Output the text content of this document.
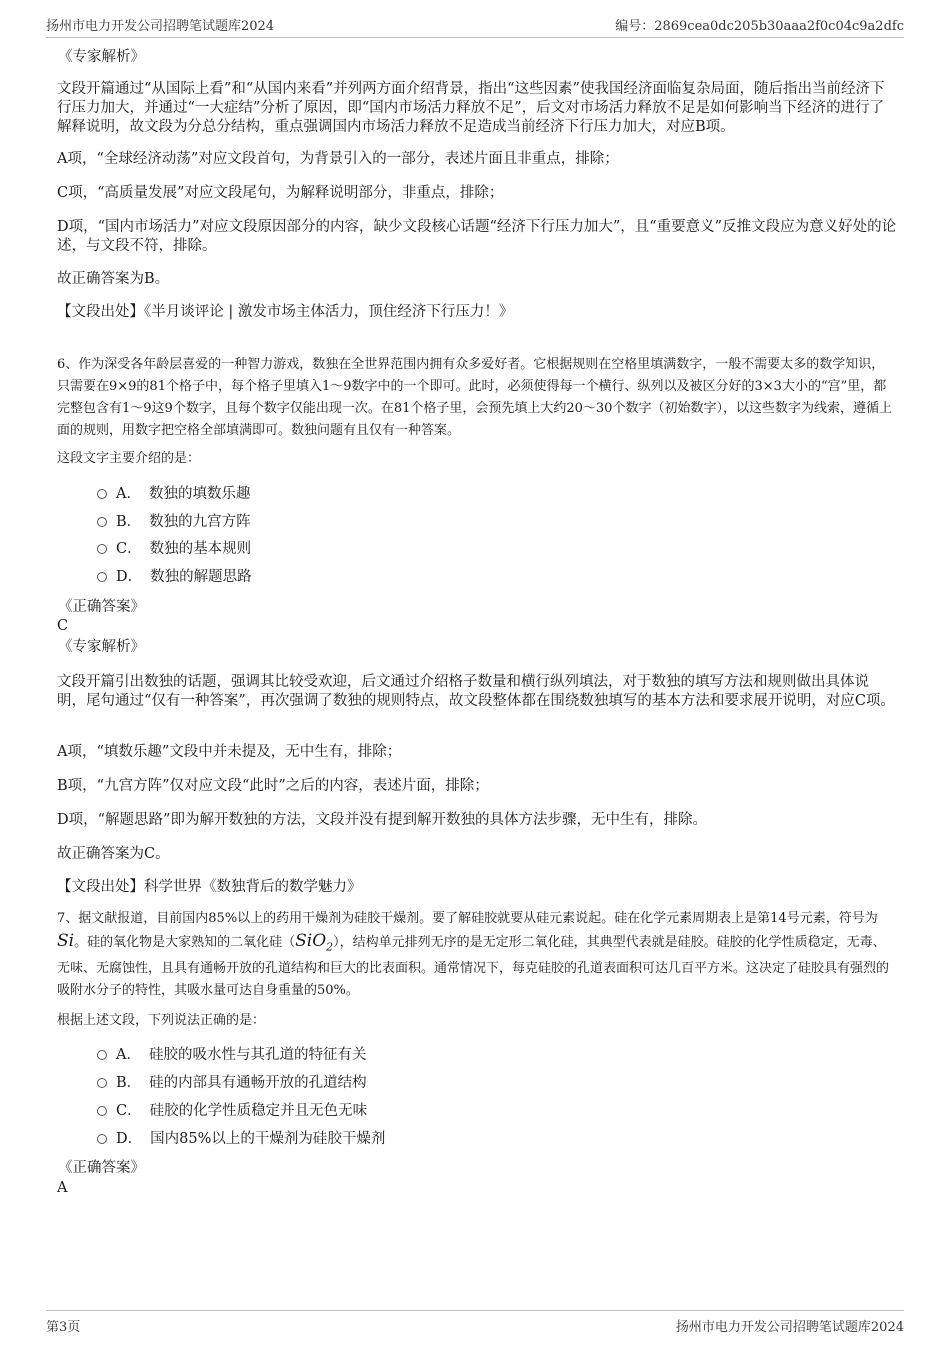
扬州市电力开发公司招聘笔试题库2024	编号：2869cea0dc205b30aaa2f0c04c9a2dfc
《专家解析》
文段开篇通过“从国际上看”和“从国内来看”并列两方面介绍背景，指出“这些因素”使我国经济面临复杂局面，随后指出当前经济下行压力加大，并通过“一大症结”分析了原因，即“国内市场活力释放不足”，后文对市场活力释放不足是如何影响当下经济的进行了解释说明，故文段为分总分结构，重点强调国内市场活力释放不足造成当前经济下行压力加大，对应B项。
A项，“全球经济动荡”对应文段首句，为背景引入的一部分，表述片面且非重点，排除；
C项，“高质量发展”对应文段尾句，为解释说明部分，非重点，排除；
D项，“国内市场活力”对应文段原因部分的内容，缺少文段核心话题“经济下行压力加大”，且“重要意义”反推文段应为意义好处的论述，与文段不符，排除。
故正确答案为B。
【文段出处】《半月谈评论 | 激发市场主体活力，顶住经济下行压力！》
6、作为深受各年龄层喜爱的一种智力游戏，数独在全世界范围内拥有众多爱好者。它根据规则在空格里填满数字，一般不需要太多的数学知识，只需要在9×9的81个格子中，每个格子里填入1～9数字中的一个即可。此时，必须使得每一个横行、纵列以及被区分好的3×3大小的“宫”里，都完整包含有1～9这9个数字，且每个数字仅能出现一次。在81个格子里，会预先填上大约20～30个数字（初始数字），以这些数字为线索，遵循上面的规则，用数字把空格全部填满即可。数独问题有且仅有一种答案。
这段文字主要介绍的是：
A． 数独的填数乐趣
B． 数独的九宫方阵
C． 数独的基本规则
D． 数独的解题思路
《正确答案》
C
《专家解析》
文段开篇引出数独的话题，强调其比较受欢迎，后文通过介绍格子数量和横行纵列填法，对于数独的填写方法和规则做出具体说明，尾句通过“仅有一种答案”，再次强调了数独的规则特点，故文段整体都在围绕数独填写的基本方法和要求展开说明，对应C项。
A项，“填数乐趣”文段中并未提及，无中生有，排除；
B项，“九宫方阵”仅对应文段“此时”之后的内容，表述片面，排除；
D项，“解题思路”即为解开数独的方法，文段并没有提到解开数独的具体方法步骤，无中生有，排除。
故正确答案为C。
【文段出处】科学世界《数独背后的数学魅力》
7、据文献报道，目前国内85%以上的药用干燥剂为硅胶干燥剂。要了解硅胶就要从硅元素说起。硅在化学元素周期表上是第14号元素，符号为Si。硅的氧化物是大家熟知的二氧化硅（SiO$_2$），结构单元排列无序的是无定形二氧化硅，其典型代表就是硅胶。硅胶的化学性质稳定，无毒、无味、无腐蚀性，且具有通畅开放的孔道结构和巨大的比表面积。通常情况下，每克硅胶的孔道表面积可达几百平方米。这决定了硅胶具有强烈的吸附水分子的特性，其吸水量可达自身重量的50%。
根据上述文段，下列说法正确的是：
A． 硅胶的吸水性与其孔道的特征有关
B． 硅的内部具有通畅开放的孔道结构
C． 硅胶的化学性质稳定并且无色无味
D． 国内85%以上的干燥剂为硅胶干燥剂
《正确答案》
A
第3页	扬州市电力开发公司招聘笔试题库2024
